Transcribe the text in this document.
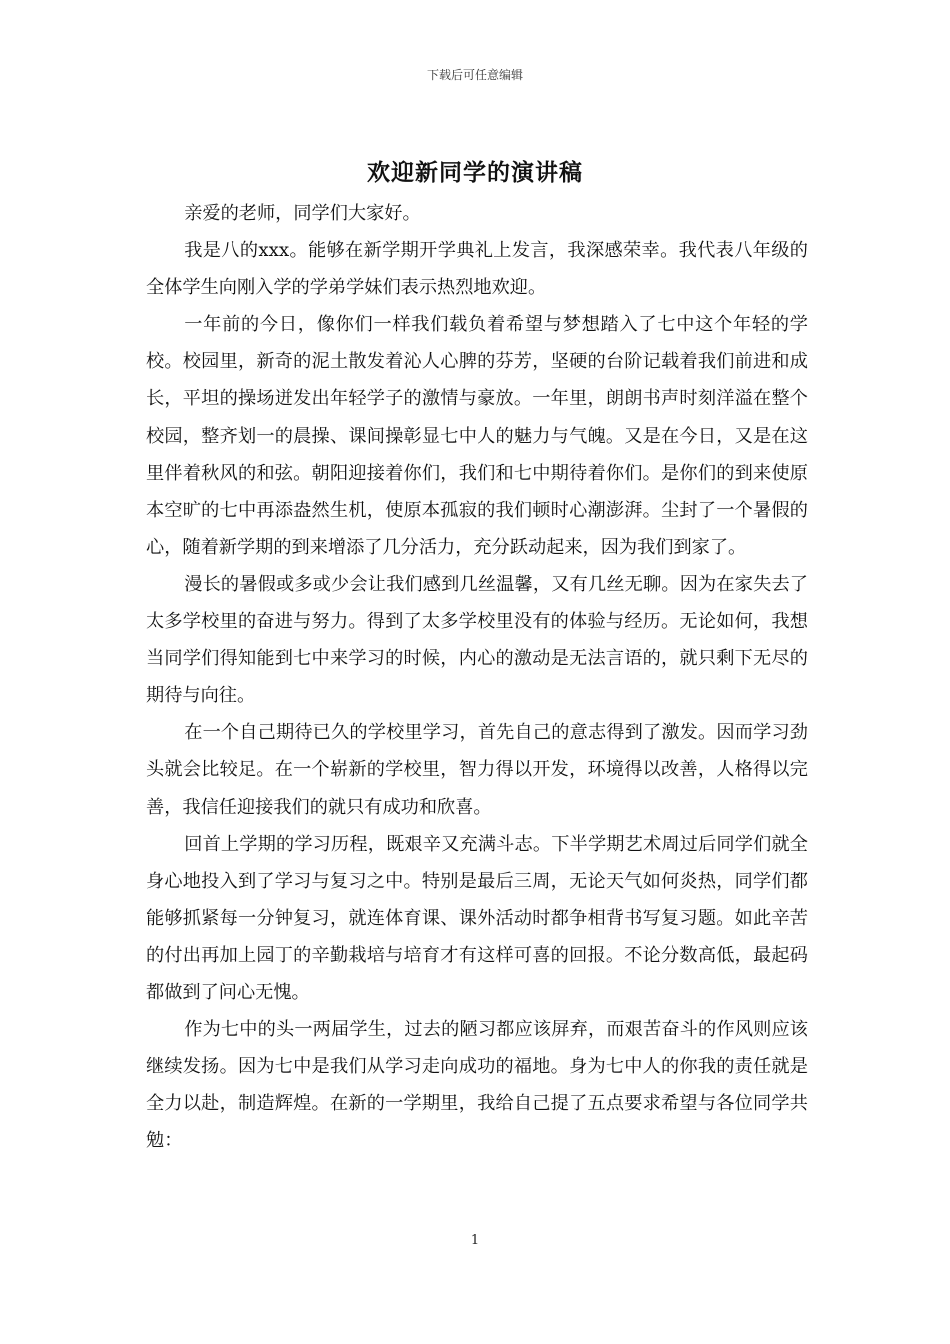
下载后可任意编辑
欢迎新同学的演讲稿

亲爱的老师，同学们大家好。

我是八的xxx。能够在新学期开学典礼上发言，我深感荣幸。我代表八年级的全体学生向刚入学的学弟学妹们表示热烈地欢迎。

一年前的今日，像你们一样我们载负着希望与梦想踏入了七中这个年轻的学校。校园里，新奇的泥土散发着沁人心脾的芬芳，坚硬的台阶记载着我们前进和成长，平坦的操场迸发出年轻学子的激情与豪放。一年里，朗朗书声时刻洋溢在整个校园，整齐划一的晨操、课间操彰显七中人的魅力与气魄。又是在今日，又是在这里伴着秋风的和弦。朝阳迎接着你们，我们和七中期待着你们。是你们的到来使原本空旷的七中再添盎然生机，使原本孤寂的我们顿时心潮澎湃。尘封了一个暑假的心，随着新学期的到来增添了几分活力，充分跃动起来，因为我们到家了。

漫长的暑假或多或少会让我们感到几丝温馨，又有几丝无聊。因为在家失去了太多学校里的奋进与努力。得到了太多学校里没有的体验与经历。无论如何，我想当同学们得知能到七中来学习的时候，内心的激动是无法言语的，就只剩下无尽的期待与向往。

在一个自己期待已久的学校里学习，首先自己的意志得到了激发。因而学习劲头就会比较足。在一个崭新的学校里，智力得以开发，环境得以改善，人格得以完善，我信任迎接我们的就只有成功和欣喜。

回首上学期的学习历程，既艰辛又充满斗志。下半学期艺术周过后同学们就全身心地投入到了学习与复习之中。特别是最后三周，无论天气如何炎热，同学们都能够抓紧每一分钟复习，就连体育课、课外活动时都争相背书写复习题。如此辛苦的付出再加上园丁的辛勤栽培与培育才有这样可喜的回报。不论分数高低，最起码都做到了问心无愧。

作为七中的头一两届学生，过去的陋习都应该屏弃，而艰苦奋斗的作风则应该继续发扬。因为七中是我们从学习走向成功的福地。身为七中人的你我的责任就是全力以赴，制造辉煌。在新的一学期里，我给自己提了五点要求希望与各位同学共勉：

1
